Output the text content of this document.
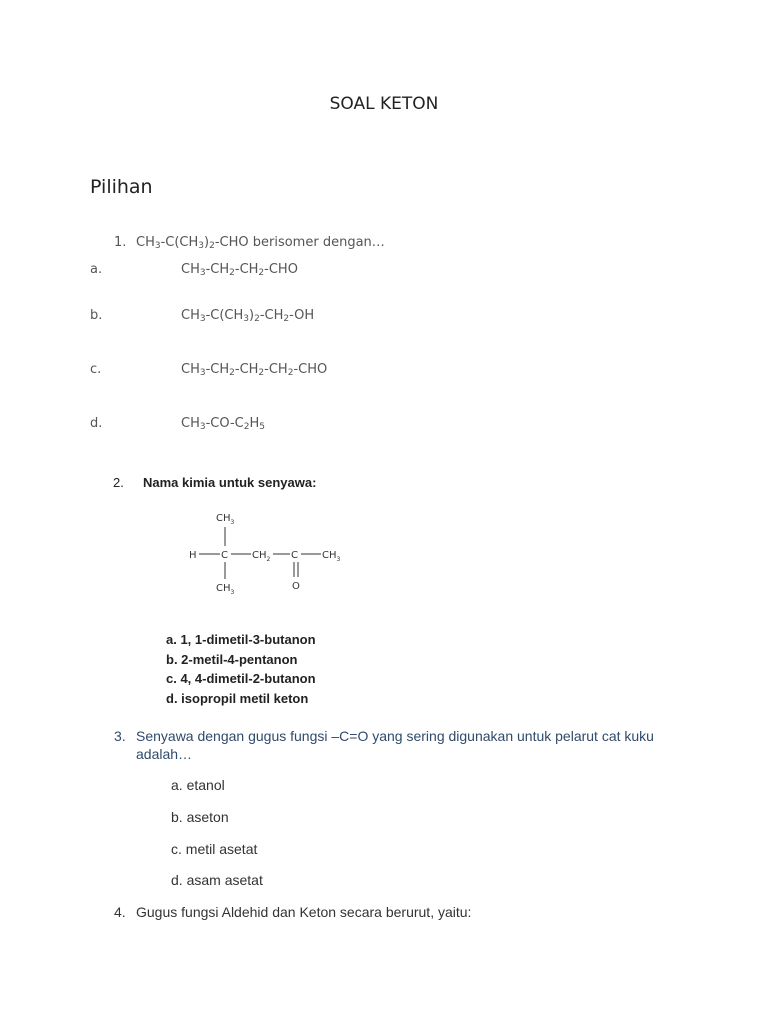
SOAL KETON
Pilihan
1. $CH_3-C(CH_3)_2$-CHO berisomer dengan…
a.	$CH_3-CH_2-CH_2$-CHO
b.	$CH_3-C(CH_3)_2-CH_2-OH$
c.	$CH_3-CH_2-CH_2-CH_2$-CHO
d.	$CH_3-CO-C_2H_5$
2. Nama kimia untuk senyawa:
$CH_3$
H C $CH_2$ C $CH_3$
$CH_3$
O
a. 1, 1-dimetil-3-butanon
b. 2-metil-4-pentanon
c. 4, 4-dimetil-2-butanon
d. isopropil metil keton
3. Senyawa dengan gugus fungsi –C=O yang sering digunakan untuk pelarut cat kuku
adalah…
a. etanol
b. aseton
c. metil asetat
d. asam asetat
4. Gugus fungsi Aldehid dan Keton secara berurut, yaitu:
